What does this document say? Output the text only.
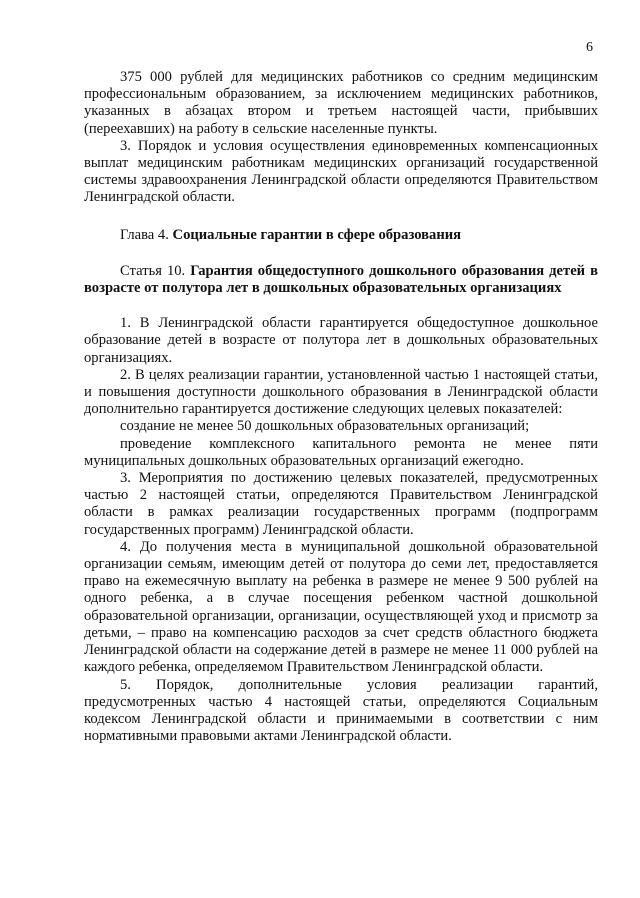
6

375 000 рублей для медицинских работников со средним медицинским профессиональным образованием, за исключением медицинских работников, указанных в абзацах втором и третьем настоящей части, прибывших (переехавших) на работу в сельские населенные пункты.

3. Порядок и условия осуществления единовременных компенсационных выплат медицинским работникам медицинских организаций государственной системы здравоохранения Ленинградской области определяются Правительством Ленинградской области.

Глава 4. Социальные гарантии в сфере образования

Статья 10. Гарантия общедоступного дошкольного образования детей в возрасте от полутора лет в дошкольных образовательных организациях

1. В Ленинградской области гарантируется общедоступное дошкольное образование детей в возрасте от полутора лет в дошкольных образовательных организациях.

2. В целях реализации гарантии, установленной частью 1 настоящей статьи, и повышения доступности дошкольного образования в Ленинградской области дополнительно гарантируется достижение следующих целевых показателей:

создание не менее 50 дошкольных образовательных организаций;

проведение комплексного капитального ремонта не менее пяти муниципальных дошкольных образовательных организаций ежегодно.

3. Мероприятия по достижению целевых показателей, предусмотренных частью 2 настоящей статьи, определяются Правительством Ленинградской области в рамках реализации государственных программ (подпрограмм государственных программ) Ленинградской области.

4. До получения места в муниципальной дошкольной образовательной организации семьям, имеющим детей от полутора до семи лет, предоставляется право на ежемесячную выплату на ребенка в размере не менее 9 500 рублей на одного ребенка, а в случае посещения ребенком частной дошкольной образовательной организации, организации, осуществляющей уход и присмотр за детьми, – право на компенсацию расходов за счет средств областного бюджета Ленинградской области на содержание детей в размере не менее 11 000 рублей на каждого ребенка, определяемом Правительством Ленинградской области.

5. Порядок, дополнительные условия реализации гарантий, предусмотренных частью 4 настоящей статьи, определяются Социальным кодексом Ленинградской области и принимаемыми в соответствии с ним нормативными правовыми актами Ленинградской области.
